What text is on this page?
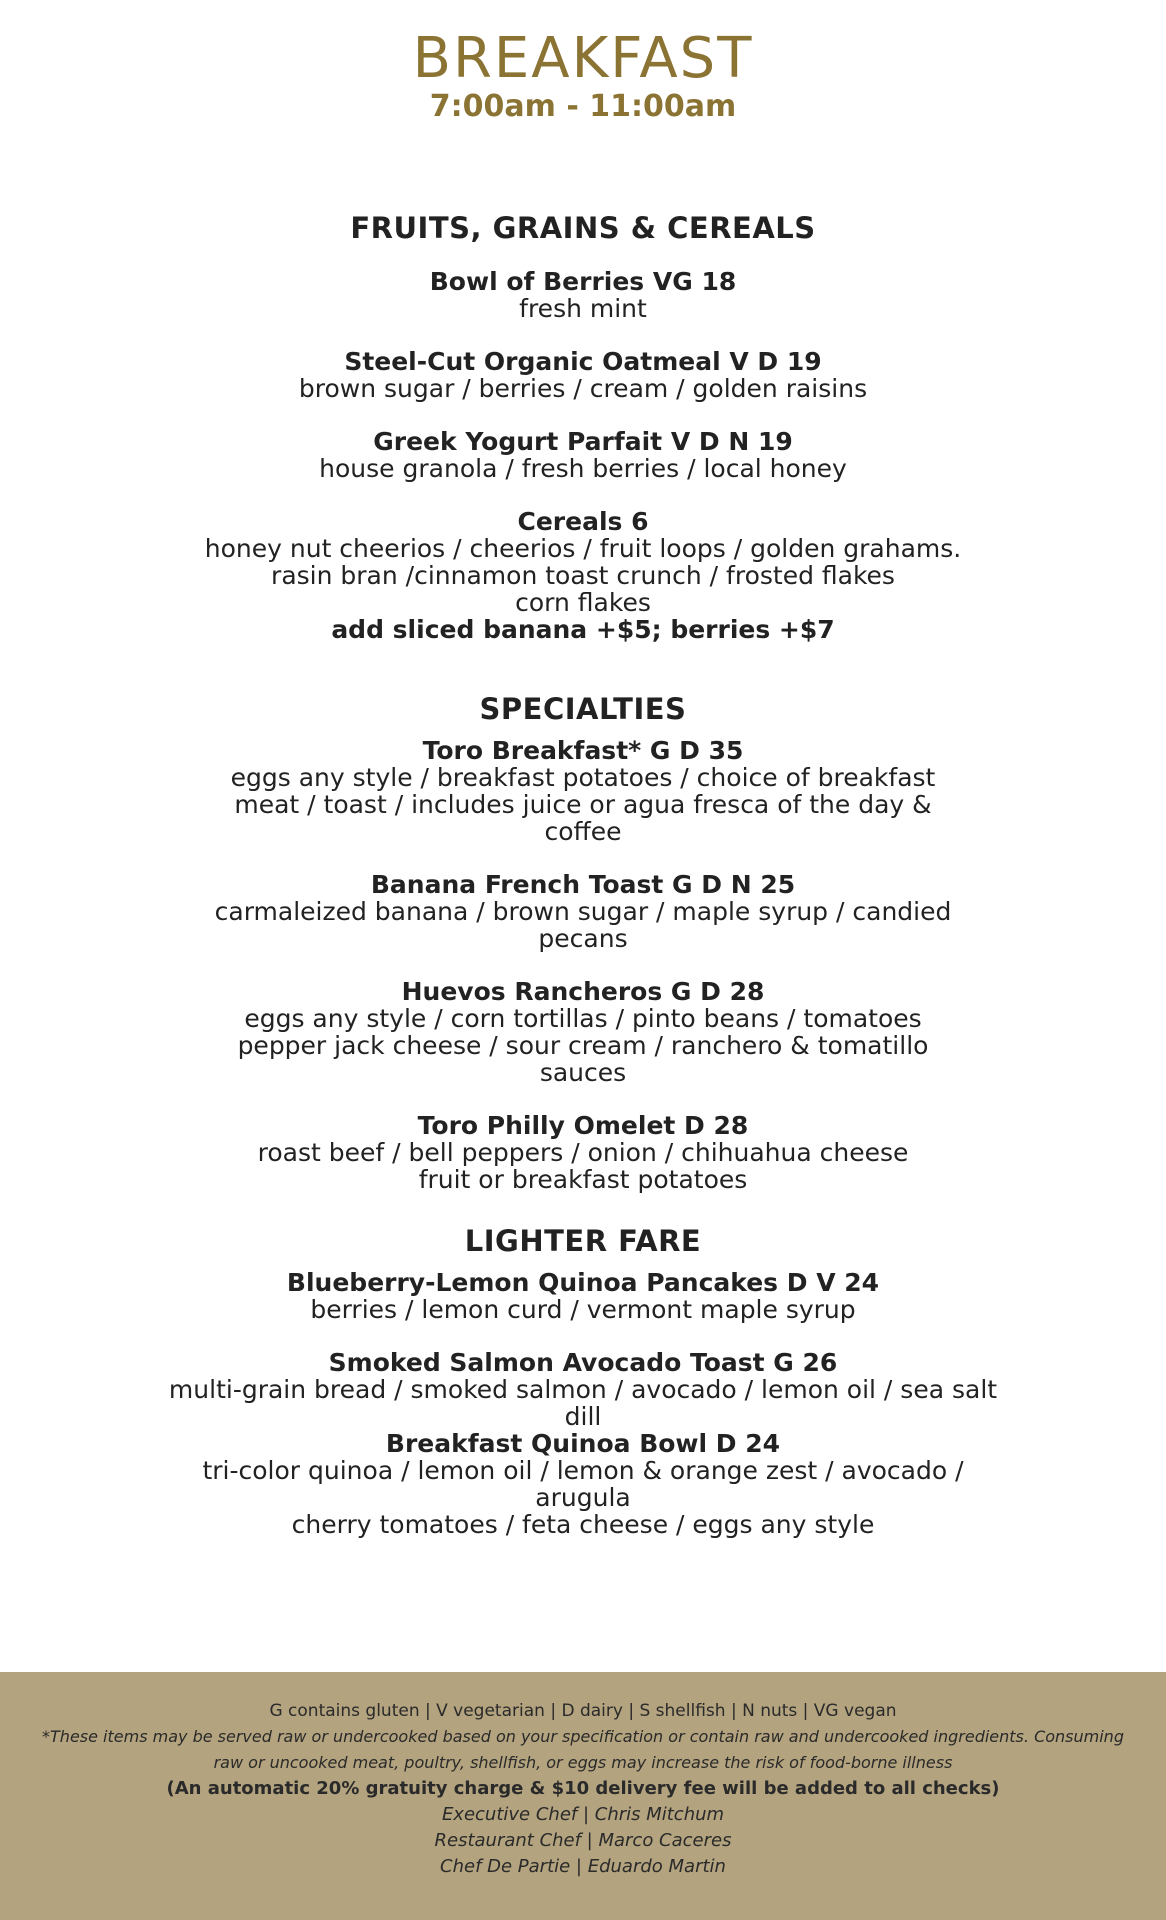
BREAKFAST
7:00am - 11:00am
FRUITS, GRAINS & CEREALS
Bowl of Berries VG 18
fresh mint
Steel-Cut Organic Oatmeal V D 19
brown sugar / berries / cream / golden raisins
Greek Yogurt Parfait V D N 19
house granola / fresh berries / local honey
Cereals 6
honey nut cheerios / cheerios / fruit loops / golden grahams.
rasin bran /cinnamon toast crunch / frosted flakes
corn flakes
add sliced banana +$5; berries +$7
SPECIALTIES
Toro Breakfast* G D 35
eggs any style / breakfast potatoes / choice of breakfast
meat / toast / includes juice or agua fresca of the day &
coffee
Banana French Toast G D N 25
carmaleized banana / brown sugar / maple syrup / candied
pecans
Huevos Rancheros G D 28
eggs any style / corn tortillas / pinto beans / tomatoes
pepper jack cheese / sour cream / ranchero & tomatillo
sauces
Toro Philly Omelet D 28
roast beef / bell peppers / onion / chihuahua cheese
fruit or breakfast potatoes
LIGHTER FARE
Blueberry-Lemon Quinoa Pancakes D V 24
berries / lemon curd / vermont maple syrup
Smoked Salmon Avocado Toast G 26
multi-grain bread / smoked salmon / avocado / lemon oil / sea salt
dill
Breakfast Quinoa Bowl D 24
tri-color quinoa / lemon oil / lemon & orange zest / avocado / arugula
cherry tomatoes / feta cheese / eggs any style
G contains gluten | V vegetarian | D dairy | S shellfish | N nuts | VG vegan
*These items may be served raw or undercooked based on your specification or contain raw and undercooked ingredients. Consuming raw or uncooked meat, poultry, shellfish, or eggs may increase the risk of food-borne illness
(An automatic 20% gratuity charge & $10 delivery fee will be added to all checks)
Executive Chef | Chris Mitchum
Restaurant Chef | Marco Caceres
Chef De Partie | Eduardo Martin
